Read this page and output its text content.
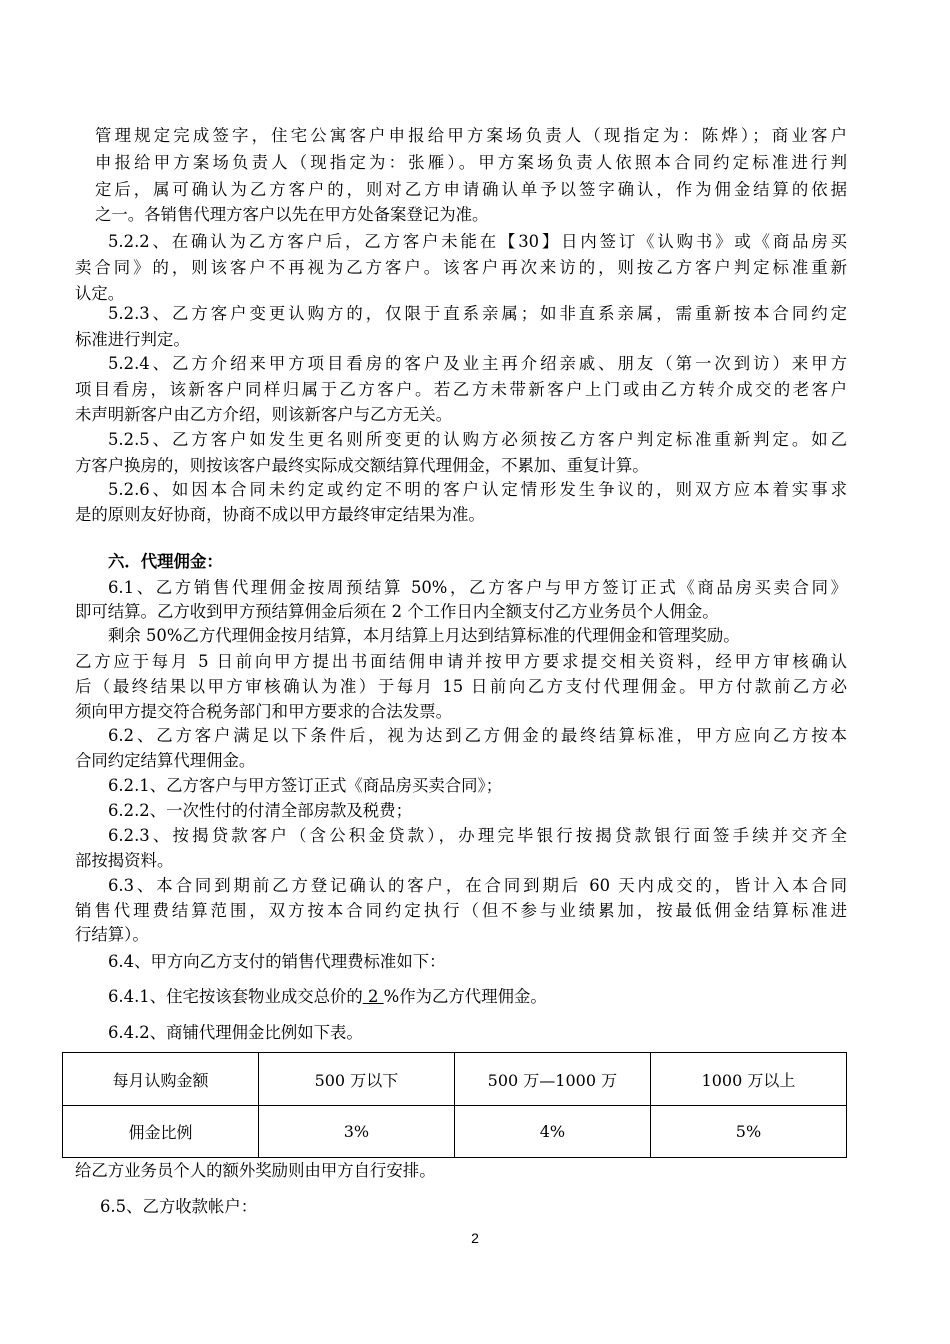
管理规定完成签字，住宅公寓客户申报给甲方案场负责人（现指定为：陈烨）；商业客户

申报给甲方案场负责人（现指定为：张雁）。甲方案场负责人依照本合同约定标准进行判

定后，属可确认为乙方客户的，则对乙方申请确认单予以签字确认，作为佣金结算的依据

之一。各销售代理方客户以先在甲方处备案登记为准。

5.2.2、在确认为乙方客户后，乙方客户未能在【30】日内签订《认购书》或《商品房买

卖合同》的，则该客户不再视为乙方客户。该客户再次来访的，则按乙方客户判定标准重新

认定。

5.2.3、乙方客户变更认购方的，仅限于直系亲属；如非直系亲属，需重新按本合同约定

标准进行判定。

5.2.4、乙方介绍来甲方项目看房的客户及业主再介绍亲戚、朋友（第一次到访）来甲方

项目看房，该新客户同样归属于乙方客户。若乙方未带新客户上门或由乙方转介成交的老客户

未声明新客户由乙方介绍，则该新客户与乙方无关。

5.2.5、乙方客户如发生更名则所变更的认购方必须按乙方客户判定标准重新判定。如乙

方客户换房的，则按该客户最终实际成交额结算代理佣金，不累加、重复计算。

5.2.6、如因本合同未约定或约定不明的客户认定情形发生争议的，则双方应本着实事求

是的原则友好协商，协商不成以甲方最终审定结果为准。

六．代理佣金：

6.1、乙方销售代理佣金按周预结算 50%，乙方客户与甲方签订正式《商品房买卖合同》

即可结算。乙方收到甲方预结算佣金后须在 2 个工作日内全额支付乙方业务员个人佣金。

剩余 50%乙方代理佣金按月结算，本月结算上月达到结算标准的代理佣金和管理奖励。

乙方应于每月 5 日前向甲方提出书面结佣申请并按甲方要求提交相关资料，经甲方审核确认

后（最终结果以甲方审核确认为准）于每月 15 日前向乙方支付代理佣金。甲方付款前乙方必

须向甲方提交符合税务部门和甲方要求的合法发票。

6.2、乙方客户满足以下条件后，视为达到乙方佣金的最终结算标准，甲方应向乙方按本

合同约定结算代理佣金。

6.2.1、乙方客户与甲方签订正式《商品房买卖合同》；

6.2.2、一次性付的付清全部房款及税费；

6.2.3、按揭贷款客户（含公积金贷款），办理完毕银行按揭贷款银行面签手续并交齐全

部按揭资料。

6.3、本合同到期前乙方登记确认的客户，在合同到期后 60 天内成交的，皆计入本合同

销售代理费结算范围，双方按本合同约定执行（但不参与业绩累加，按最低佣金结算标准进

行结算）。

6.4、甲方向乙方支付的销售代理费标准如下：

6.4.1、住宅按该套物业成交总价的 2 %作为乙方代理佣金。

6.4.2、商铺代理佣金比例如下表。

每月认购金额	500 万以下	500 万—1000 万	1000 万以上
佣金比例	3%	4%	5%

给乙方业务员个人的额外奖励则由甲方自行安排。

6.5、乙方收款帐户：

2
